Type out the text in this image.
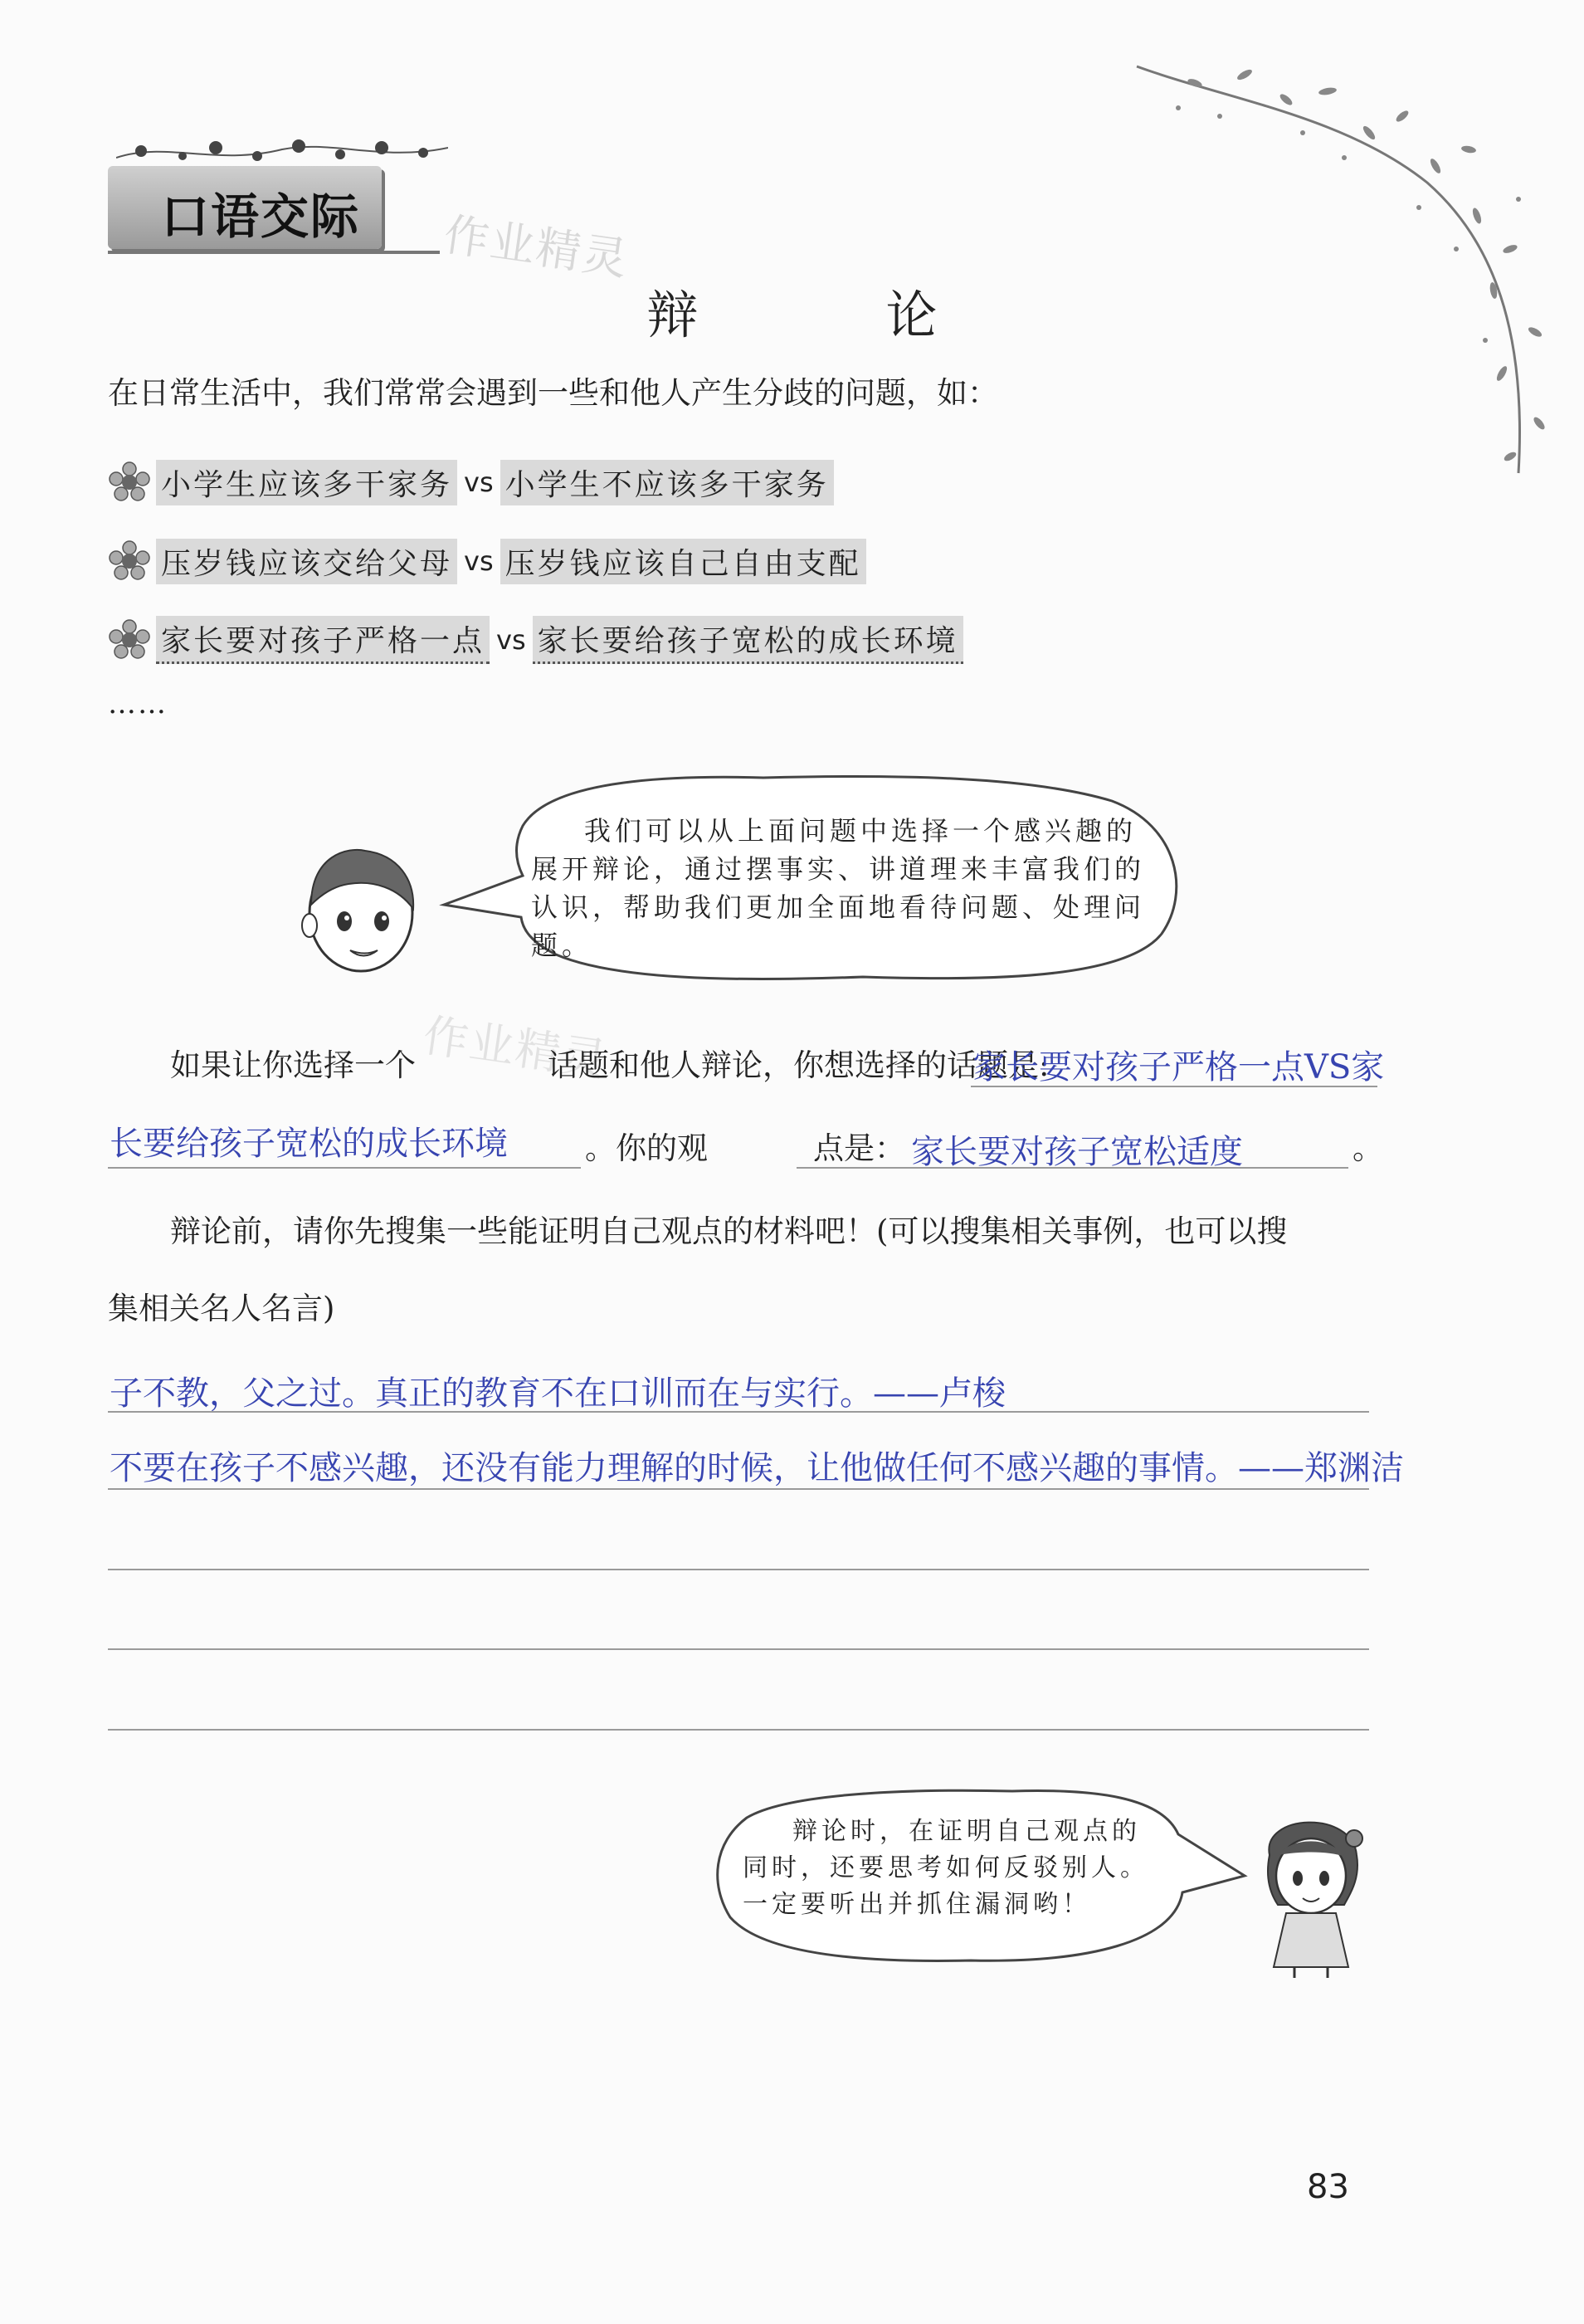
口语交际 作业精灵
辩　论
在日常生活中，我们常常会遇到一些和他人产生分歧的问题，如：
小学生应该多干家务 vs 小学生不应该多干家务
压岁钱应该交给父母 vs 压岁钱应该自己自由支配
家长要对孩子严格一点 vs 家长要给孩子宽松的成长环境
……
我们可以从上面问题中选择一个感兴趣的
展开辩论，通过摆事实、讲道理来丰富我们的
认识，帮助我们更加全面地看待问题、处理问题。
作业精灵
如果让你选择一个	话题和他人辩论，你想选择的话题是:
家长要对孩子严格一点VS家
长要给孩子宽松的成长环境	。你的观	点是： 家长要对孩子宽松适度	。
辩论前，请你先搜集一些能证明自己观点的材料吧！(可以搜集相关事例，也可以搜
集相关名人名言)
子不教，父之过。真正的教育不在口训而在与实行。——卢梭
不要在孩子不感兴趣，还没有能力理解的时候，让他做任何不感兴趣的事情。——郑渊洁
辩论时，在证明自己观点的
同时，还要思考如何反驳别人。
一定要听出并抓住漏洞哟！
83
